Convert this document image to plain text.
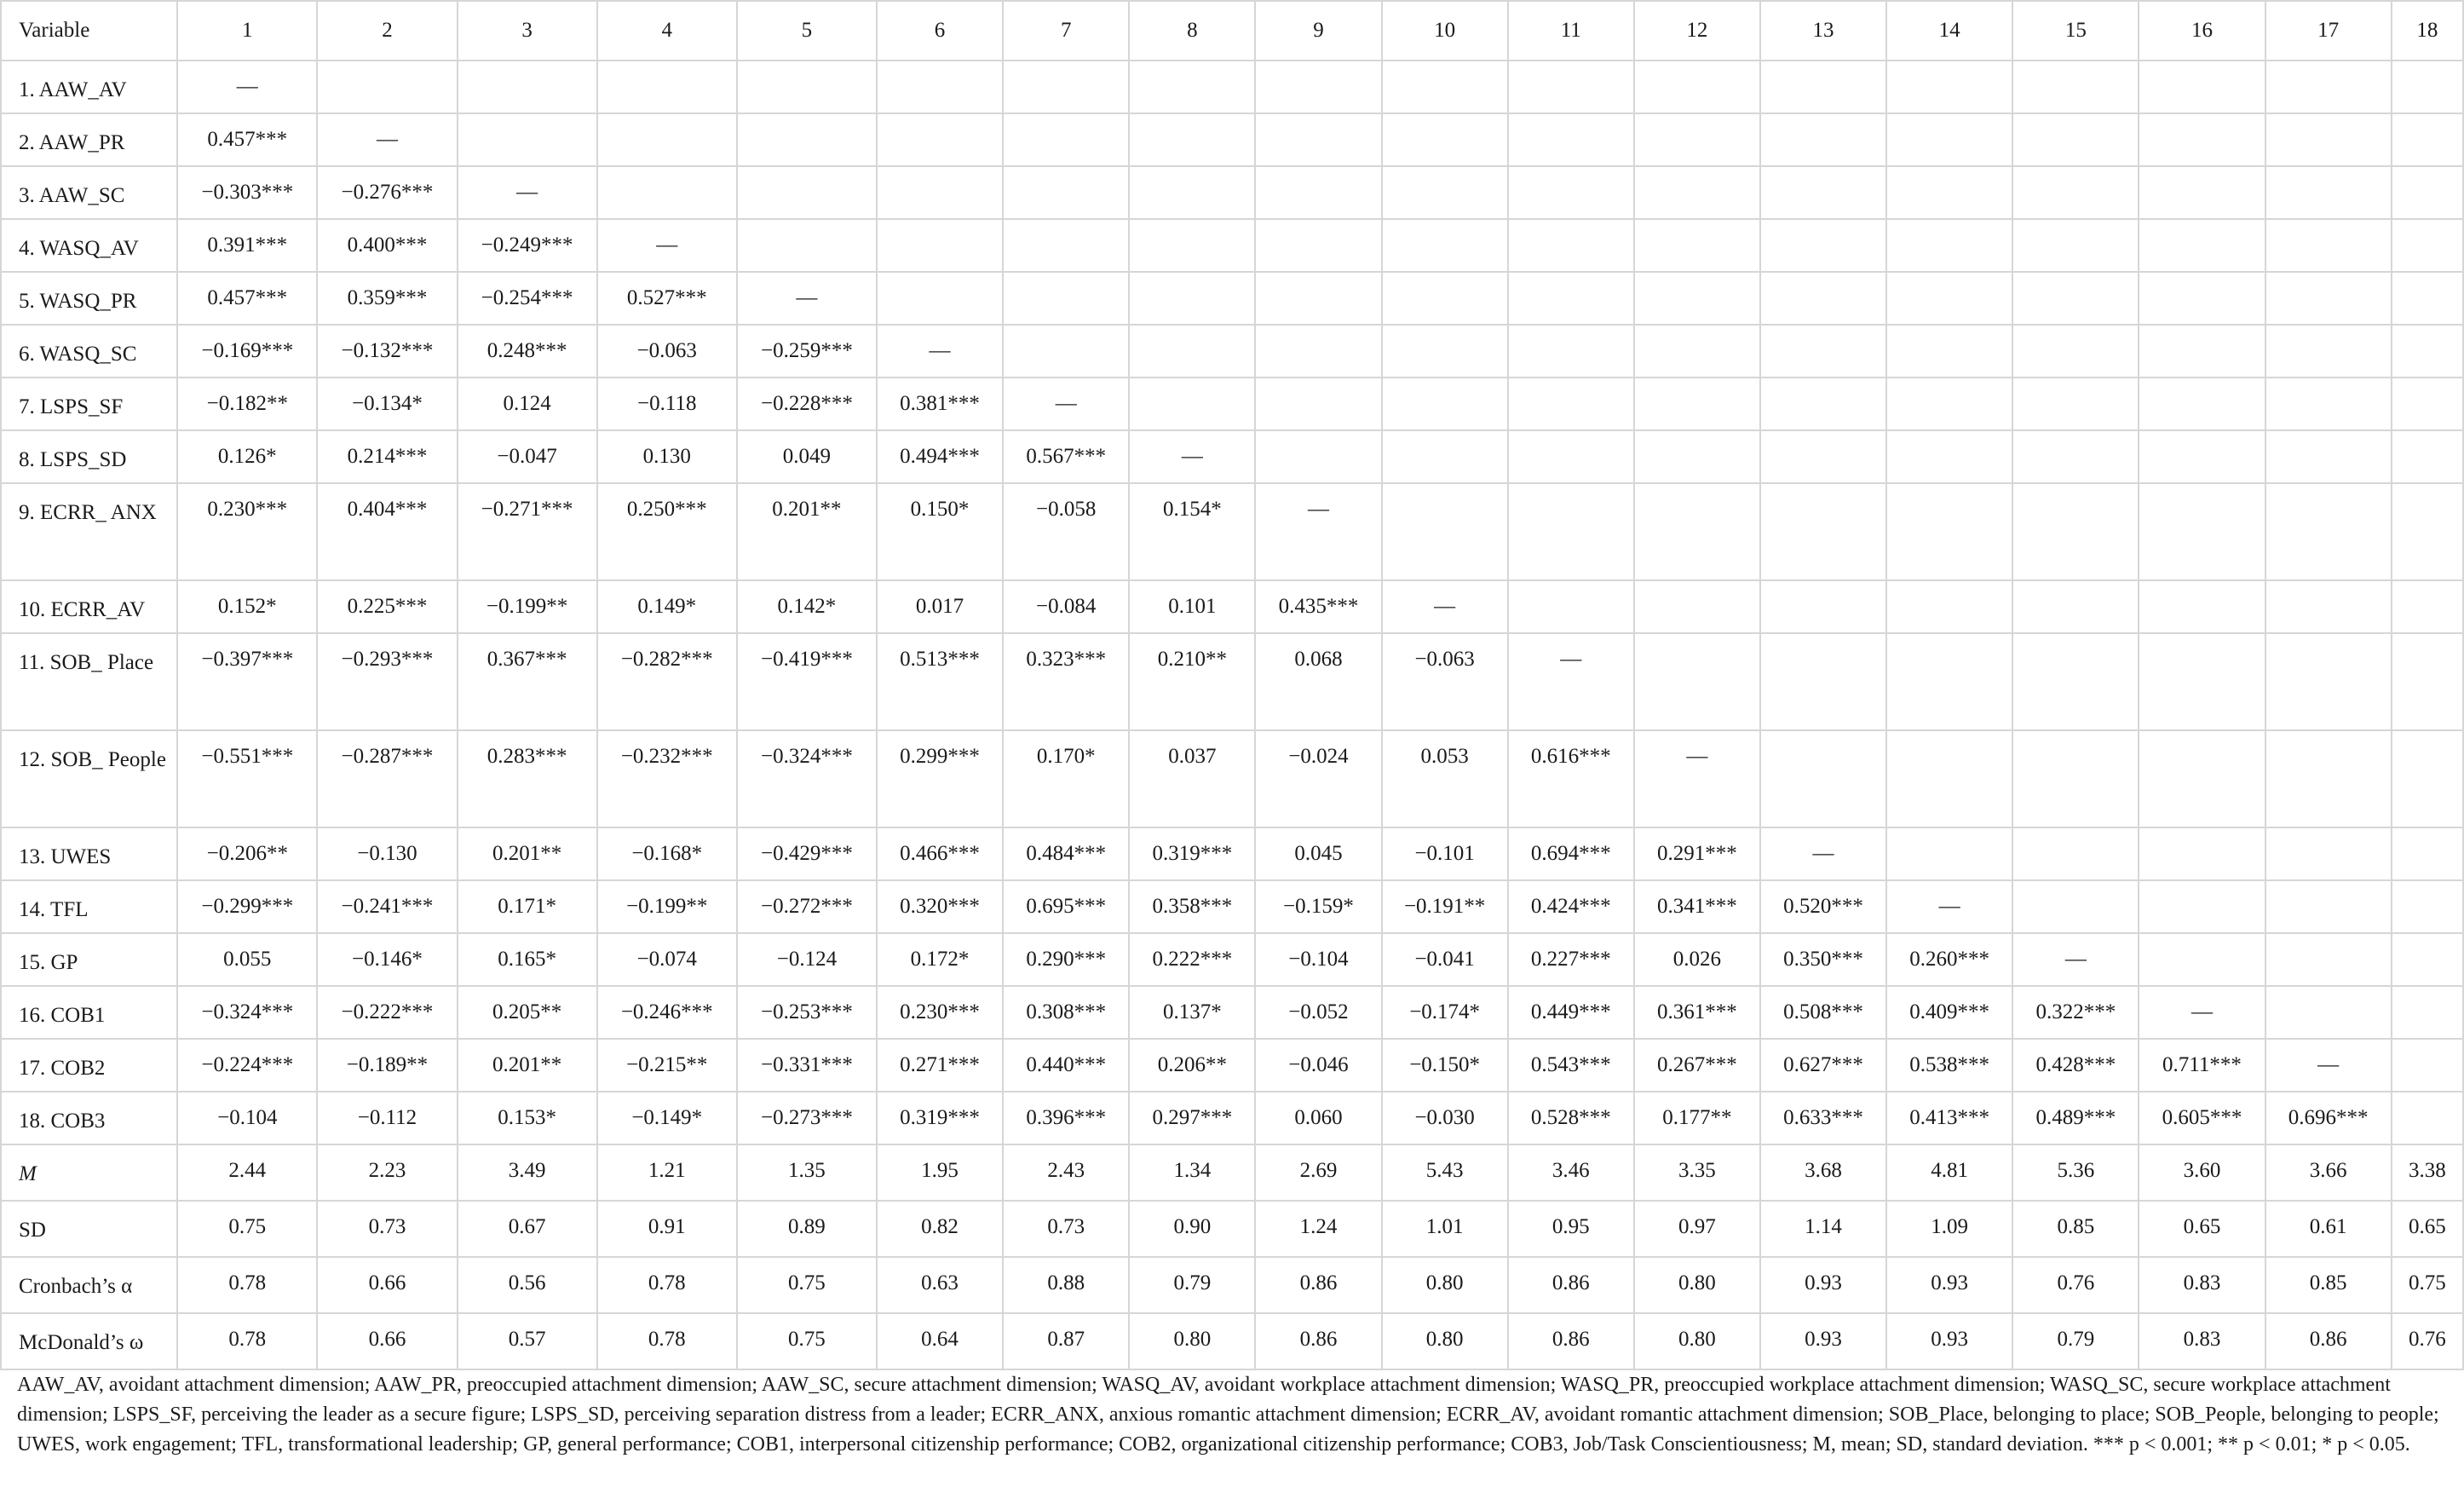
Variable	1	2	3	4	5	6	7	8	9	10	11	12	13	14	15	16	17	18
1. AAW_AV	—																	
2. AAW_PR	0.457***	—																
3. AAW_SC	−0.303***	−0.276***	—															
4. WASQ_AV	0.391***	0.400***	−0.249***	—														
5. WASQ_PR	0.457***	0.359***	−0.254***	0.527***	—													
6. WASQ_SC	−0.169***	−0.132***	0.248***	−0.063	−0.259***	—												
7. LSPS_SF	−0.182**	−0.134*	0.124	−0.118	−0.228***	0.381***	—											
8. LSPS_SD	0.126*	0.214***	−0.047	0.130	0.049	0.494***	0.567***	—										
9. ECRR_ ANX	0.230***	0.404***	−0.271***	0.250***	0.201**	0.150*	−0.058	0.154*	—									
10. ECRR_AV	0.152*	0.225***	−0.199**	0.149*	0.142*	0.017	−0.084	0.101	0.435***	—								
11. SOB_ Place	−0.397***	−0.293***	0.367***	−0.282***	−0.419***	0.513***	0.323***	0.210**	0.068	−0.063	—							
12. SOB_ People	−0.551***	−0.287***	0.283***	−0.232***	−0.324***	0.299***	0.170*	0.037	−0.024	0.053	0.616***	—						
13. UWES	−0.206**	−0.130	0.201**	−0.168*	−0.429***	0.466***	0.484***	0.319***	0.045	−0.101	0.694***	0.291***	—					
14. TFL	−0.299***	−0.241***	0.171*	−0.199**	−0.272***	0.320***	0.695***	0.358***	−0.159*	−0.191**	0.424***	0.341***	0.520***	—				
15. GP	0.055	−0.146*	0.165*	−0.074	−0.124	0.172*	0.290***	0.222***	−0.104	−0.041	0.227***	0.026	0.350***	0.260***	—			
16. COB1	−0.324***	−0.222***	0.205**	−0.246***	−0.253***	0.230***	0.308***	0.137*	−0.052	−0.174*	0.449***	0.361***	0.508***	0.409***	0.322***	—		
17. COB2	−0.224***	−0.189**	0.201**	−0.215**	−0.331***	0.271***	0.440***	0.206**	−0.046	−0.150*	0.543***	0.267***	0.627***	0.538***	0.428***	0.711***	—	
18. COB3	−0.104	−0.112	0.153*	−0.149*	−0.273***	0.319***	0.396***	0.297***	0.060	−0.030	0.528***	0.177**	0.633***	0.413***	0.489***	0.605***	0.696***	
M	2.44	2.23	3.49	1.21	1.35	1.95	2.43	1.34	2.69	5.43	3.46	3.35	3.68	4.81	5.36	3.60	3.66	3.38
SD	0.75	0.73	0.67	0.91	0.89	0.82	0.73	0.90	1.24	1.01	0.95	0.97	1.14	1.09	0.85	0.65	0.61	0.65
Cronbach’s α	0.78	0.66	0.56	0.78	0.75	0.63	0.88	0.79	0.86	0.80	0.86	0.80	0.93	0.93	0.76	0.83	0.85	0.75
McDonald’s ω	0.78	0.66	0.57	0.78	0.75	0.64	0.87	0.80	0.86	0.80	0.86	0.80	0.93	0.93	0.79	0.83	0.86	0.76
AAW_AV, avoidant attachment dimension; AAW_PR, preoccupied attachment dimension; AAW_SC, secure attachment dimension; WASQ_AV, avoidant workplace attachment dimension; WASQ_PR, preoccupied workplace attachment dimension; WASQ_SC, secure workplace attachment dimension; LSPS_SF, perceiving the leader as a secure figure; LSPS_SD, perceiving separation distress from a leader; ECRR_ANX, anxious romantic attachment dimension; ECRR_AV, avoidant romantic attachment dimension; SOB_Place, belonging to place; SOB_People, belonging to people; UWES, work engagement; TFL, transformational leadership; GP, general performance; COB1, interpersonal citizenship performance; COB2, organizational citizenship performance; COB3, Job/Task Conscientiousness; M, mean; SD, standard deviation. *** p < 0.001; ** p < 0.01; * p < 0.05.
